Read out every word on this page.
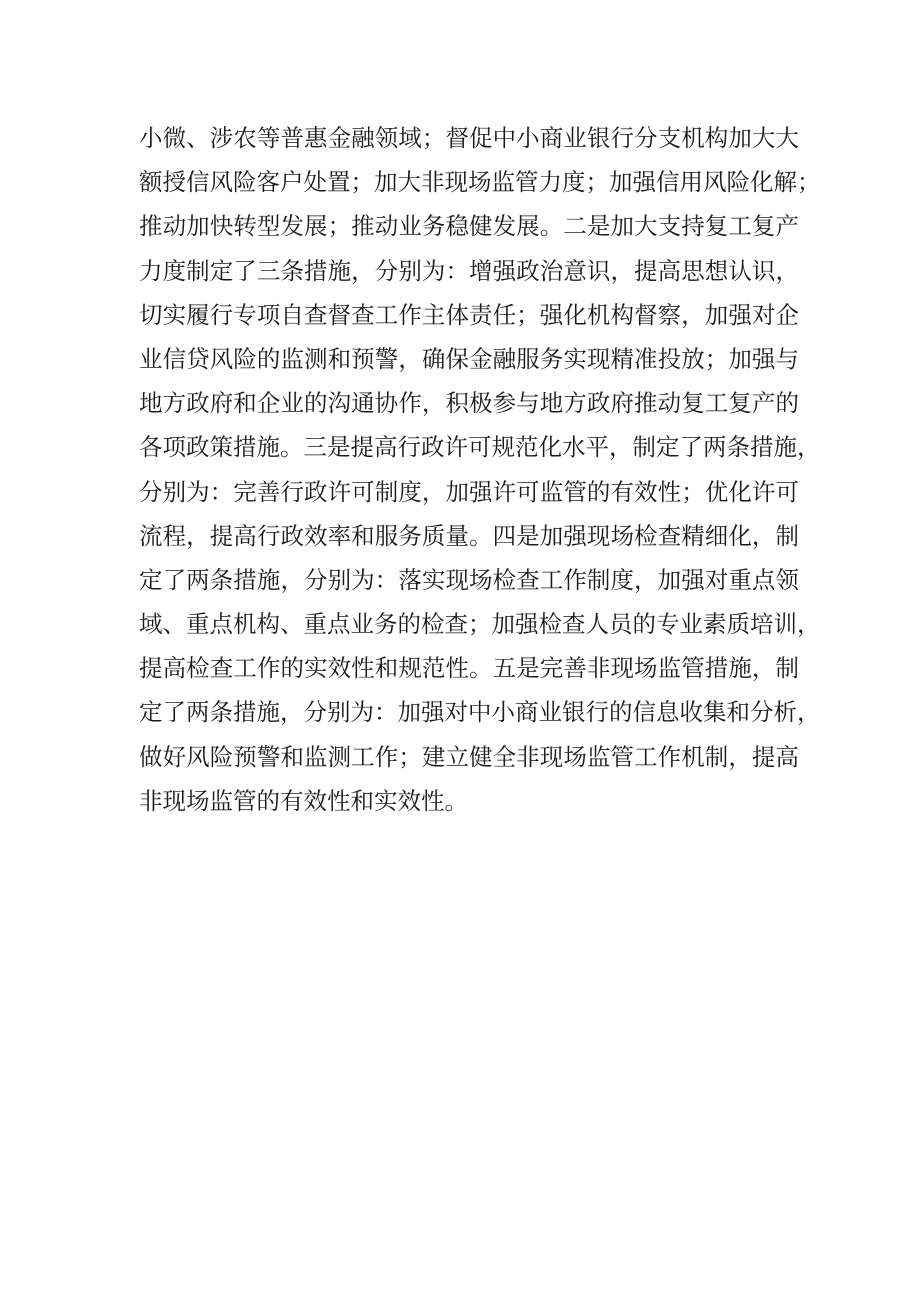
小微、涉农等普惠金融领域；督促中小商业银行分支机构加大大
额授信风险客户处置；加大非现场监管力度；加强信用风险化解；
推动加快转型发展；推动业务稳健发展。二是加大支持复工复产
力度制定了三条措施，分别为：增强政治意识，提高思想认识，
切实履行专项自查督查工作主体责任；强化机构督察，加强对企
业信贷风险的监测和预警，确保金融服务实现精准投放；加强与
地方政府和企业的沟通协作，积极参与地方政府推动复工复产的
各项政策措施。三是提高行政许可规范化水平，制定了两条措施，
分别为：完善行政许可制度，加强许可监管的有效性；优化许可
流程，提高行政效率和服务质量。四是加强现场检查精细化，制
定了两条措施，分别为：落实现场检查工作制度，加强对重点领
域、重点机构、重点业务的检查；加强检查人员的专业素质培训，
提高检查工作的实效性和规范性。五是完善非现场监管措施，制
定了两条措施，分别为：加强对中小商业银行的信息收集和分析，
做好风险预警和监测工作；建立健全非现场监管工作机制，提高
非现场监管的有效性和实效性。
